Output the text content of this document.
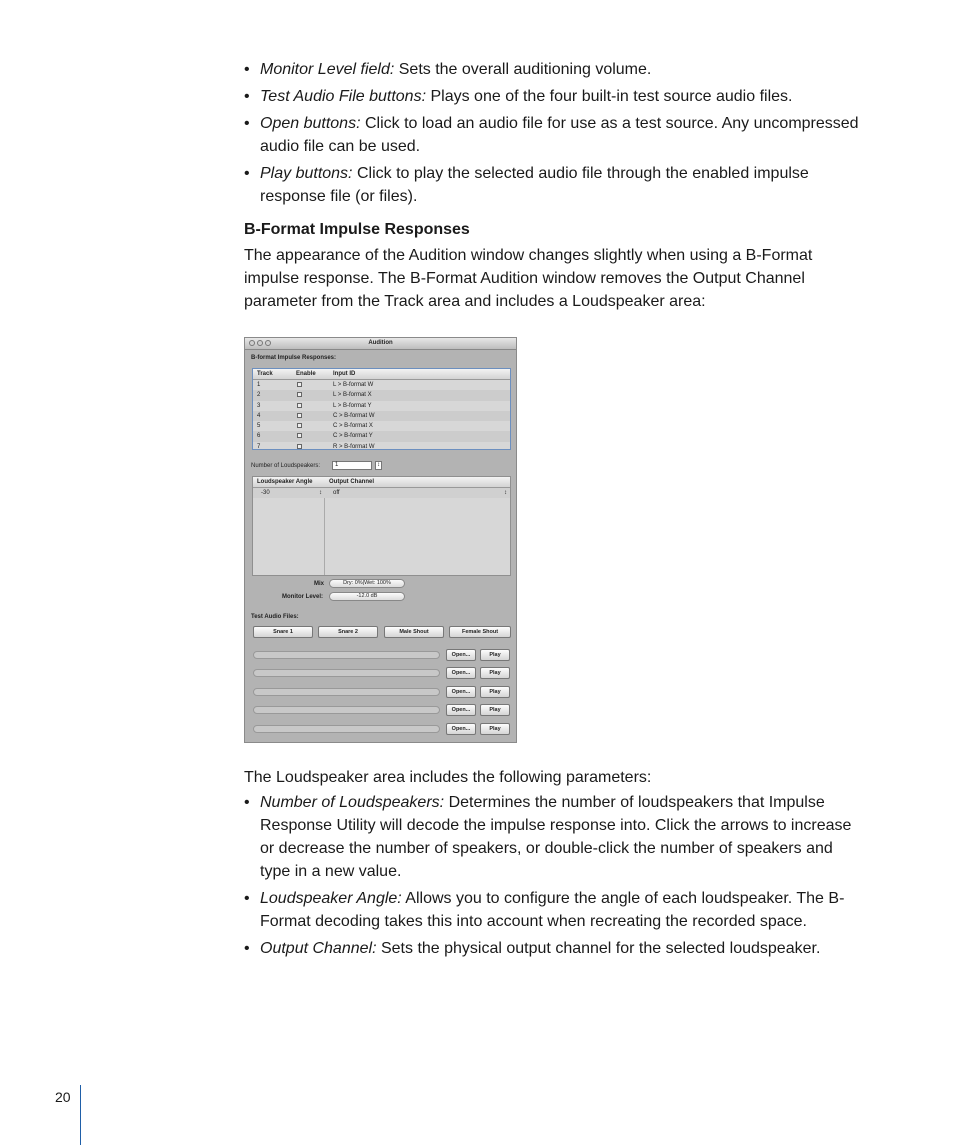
• Monitor Level field: Sets the overall auditioning volume.
• Test Audio File buttons: Plays one of the four built-in test source audio files.
• Open buttons: Click to load an audio file for use as a test source. Any uncompressed audio file can be used.
• Play buttons: Click to play the selected audio file through the enabled impulse response file (or files).
B-Format Impulse Responses
The appearance of the Audition window changes slightly when using a B-Format impulse response. The B-Format Audition window removes the Output Channel parameter from the Track area and includes a Loudspeaker area:
Audition
B-format Impulse Responses:
Track	Enable	Input ID
1	L > B-format W
2	L > B-format X
3	L > B-format Y
4	C > B-format W
5	C > B-format X
6	C > B-format Y
7	R > B-format W
Number of Loudspeakers:	1	↕
Loudspeaker Angle	Output Channel
-30	↕ off	↕
Mix	Dry: 0%|Wet: 100%
Monitor Level:	-12.0 dB
Test Audio Files:
Snare 1	Snare 2	Male Shout	Female Shout
Open...	Play
Open...	Play
Open...	Play
Open...	Play
Open...	Play
The Loudspeaker area includes the following parameters:
• Number of Loudspeakers: Determines the number of loudspeakers that Impulse Response Utility will decode the impulse response into. Click the arrows to increase or decrease the number of speakers, or double-click the number of speakers and type in a new value.
• Loudspeaker Angle: Allows you to configure the angle of each loudspeaker. The B-Format decoding takes this into account when recreating the recorded space.
• Output Channel: Sets the physical output channel for the selected loudspeaker.
20
